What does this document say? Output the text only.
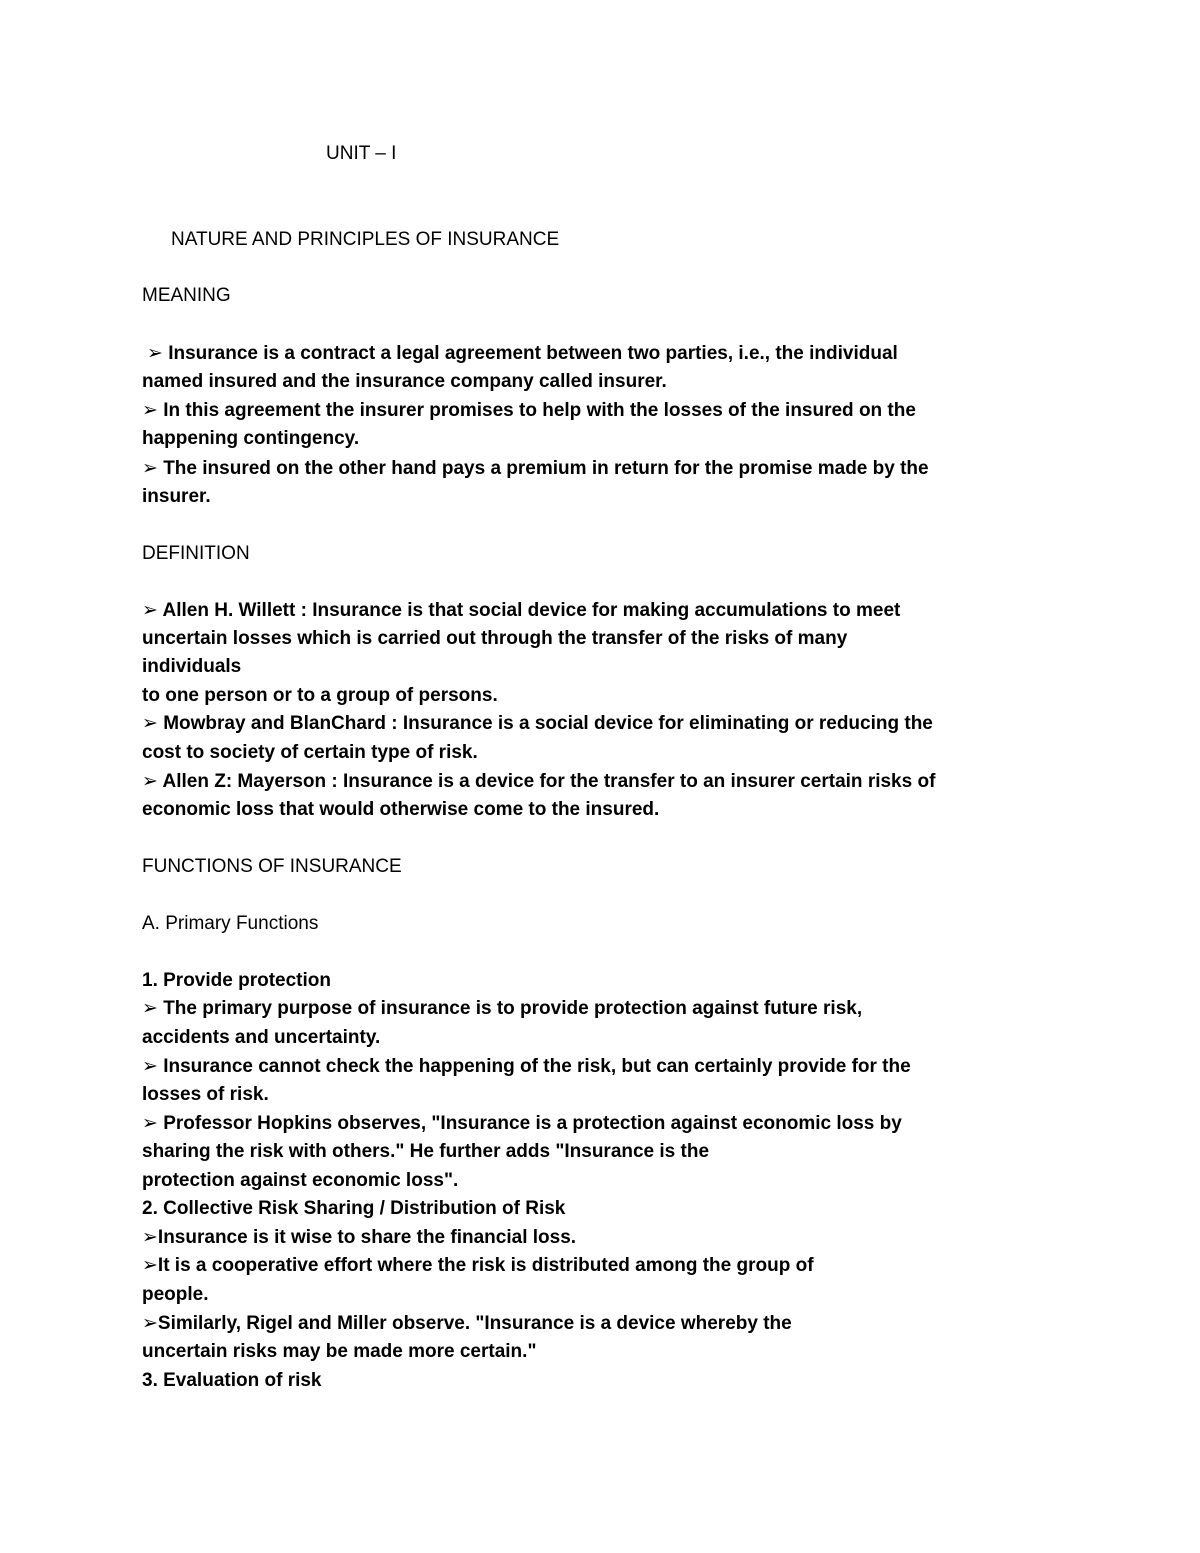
UNIT – I
NATURE AND PRINCIPLES OF INSURANCE
MEANING
➢ Insurance is a contract a legal agreement between two parties, i.e., the individual
named insured and the insurance company called insurer.
➢ In this agreement the insurer promises to help with the losses of the insured on the
happening contingency.
➢ The insured on the other hand pays a premium in return for the promise made by the
insurer.
DEFINITION
➢ Allen H. Willett : Insurance is that social device for making accumulations to meet
uncertain losses which is carried out through the transfer of the risks of many
individuals
to one person or to a group of persons.
➢ Mowbray and BlanChard : Insurance is a social device for eliminating or reducing the
cost to society of certain type of risk.
➢ Allen Z: Mayerson : Insurance is a device for the transfer to an insurer certain risks of
economic loss that would otherwise come to the insured.
FUNCTIONS OF INSURANCE
A. Primary Functions
1. Provide protection
➢ The primary purpose of insurance is to provide protection against future risk,
accidents and uncertainty.
➢ Insurance cannot check the happening of the risk, but can certainly provide for the
losses of risk.
➢ Professor Hopkins observes, "Insurance is a protection against economic loss by
sharing the risk with others." He further adds "Insurance is the
protection against economic loss".
2. Collective Risk Sharing / Distribution of Risk
➢Insurance is it wise to share the financial loss.
➢It is a cooperative effort where the risk is distributed among the group of
people.
➢Similarly, Rigel and Miller observe. "Insurance is a device whereby the
uncertain risks may be made more certain."
3. Evaluation of risk
